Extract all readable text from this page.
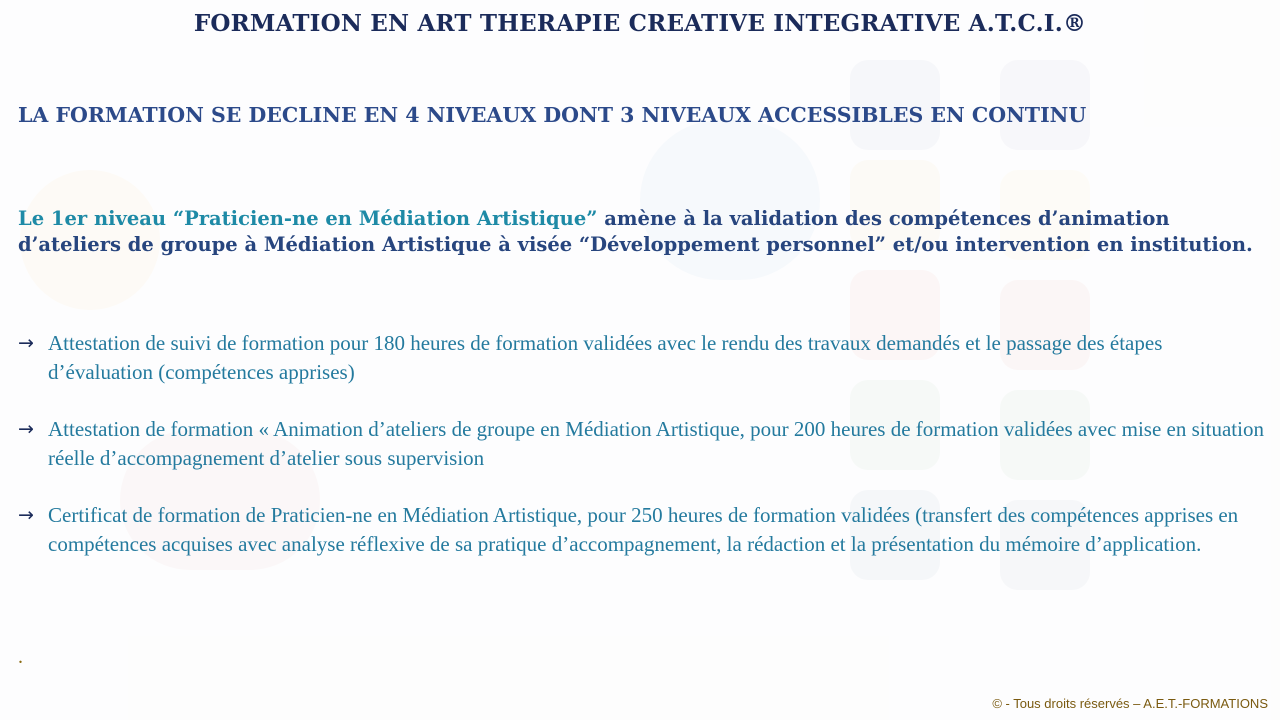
FORMATION EN ART THERAPIE CREATIVE INTEGRATIVE A.T.C.I.®
LA FORMATION SE DECLINE EN 4 NIVEAUX DONT 3 NIVEAUX ACCESSIBLES EN CONTINU
Le 1er niveau “Praticien-ne en Médiation Artistique” amène à la validation des compétences d’animation d’ateliers de groupe à Médiation Artistique à visée “Développement personnel” et/ou intervention en institution.
→ Attestation de suivi de formation pour 180 heures de formation validées avec le rendu des travaux demandés et le passage des étapes d’évaluation (compétences apprises)
→ Attestation de formation « Animation d’ateliers de groupe en Médiation Artistique, pour 200 heures de formation validées avec mise en situation réelle d’accompagnement d’atelier sous supervision
→ Certificat de formation de Praticien-ne en Médiation Artistique, pour 250 heures de formation validées (transfert des compétences apprises en compétences acquises avec analyse réflexive de sa pratique d’accompagnement, la rédaction et la présentation du mémoire d’application.
.
© - Tous droits réservés – A.E.T.-FORMATIONS
